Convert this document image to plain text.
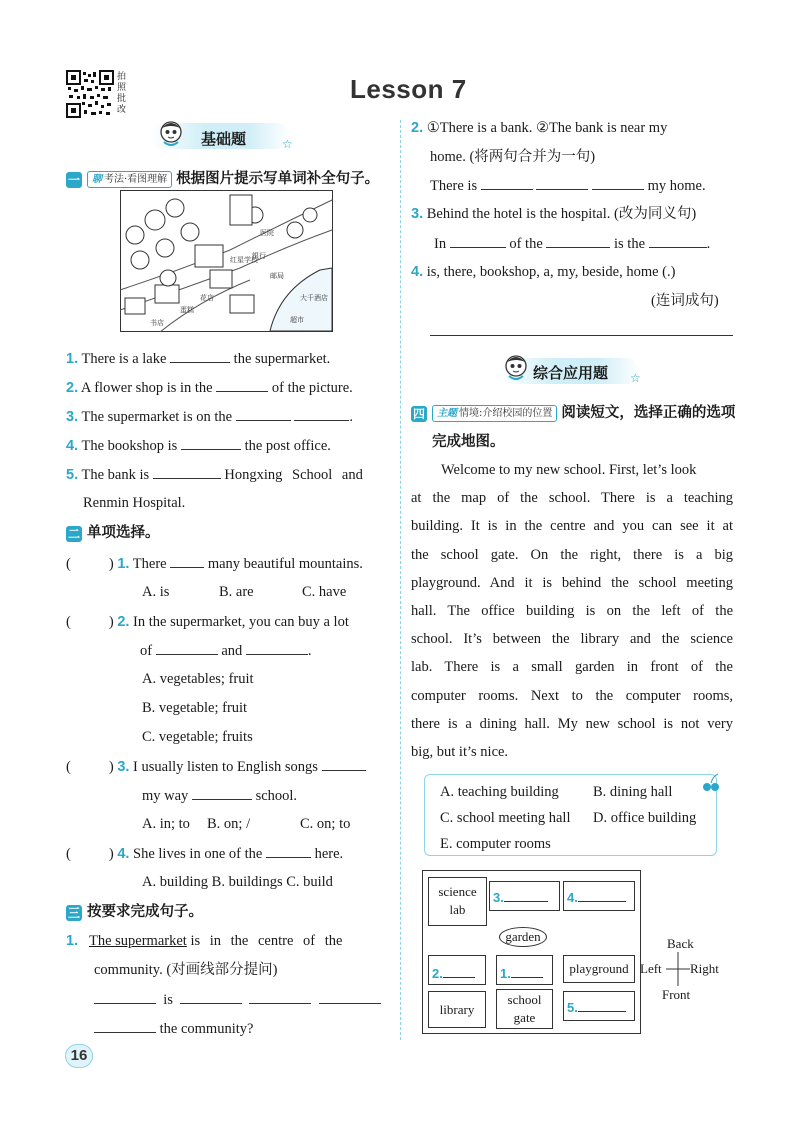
拍照批改
Lesson 7
基础题	☆
一 聊 考法·看图理解 根据图片提示写单词补全句子。
医院
银行
邮局
红星学校
大千酒店
超市
书店
花店
蛋糕
1. There is a lake	the supermarket.
2. A flower shop is in the	of the picture.
3. The supermarket is on the	.
4. The bookshop is	the post office.
5. The bank is	Hongxing School and
Renmin Hospital.
二 单项选择。
(	) 1. There	many beautiful mountains.
A. is	B. are	C. have
(	) 2. In the supermarket, you can buy a lot
of	and	.
A. vegetables; fruit
B. vegetable; fruit
C. vegetable; fruits
(	) 3. I usually listen to English songs
my way	school.
A. in; to B. on; /	C. on; to
(	) 4. She lives in one of the	here.
A. building B. buildings C. build
三 按要求完成句子。
1. The supermarket is in the centre of the
community. (对画线部分提问)
is
the community?
16
2. ①There is a bank. ②The bank is near my
home. (将两句合并为一句)
There is	my home.
3. Behind the hotel is the hospital. (改为同义句)
In	of the	is the	.
4. is, there, bookshop, a, my, beside, home (.)
(连词成句)
综合应用题 ☆
四 主题 情境:介绍校园的位置 阅读短文，选择正确的选项
完成地图。
Welcome to my new school. First, let’s look
at the map of the school. There is a teaching
building. It is in the centre and you can see it at
the school gate. On the right, there is a big
playground. And it is behind the school meeting
hall. The office building is on the left of the
school. It’s between the library and the science
lab. There is a small garden in front of the
computer rooms. Next to the computer rooms,
there is a dining hall. My new school is not very
big, but it’s nice.
A. teaching building B. dining hall
C. school meeting hall D. office building
E. computer rooms
science
lab
3.	4.
garden
2.	1.	playground
library
school
gate
5.
Back
Left Right
Front
